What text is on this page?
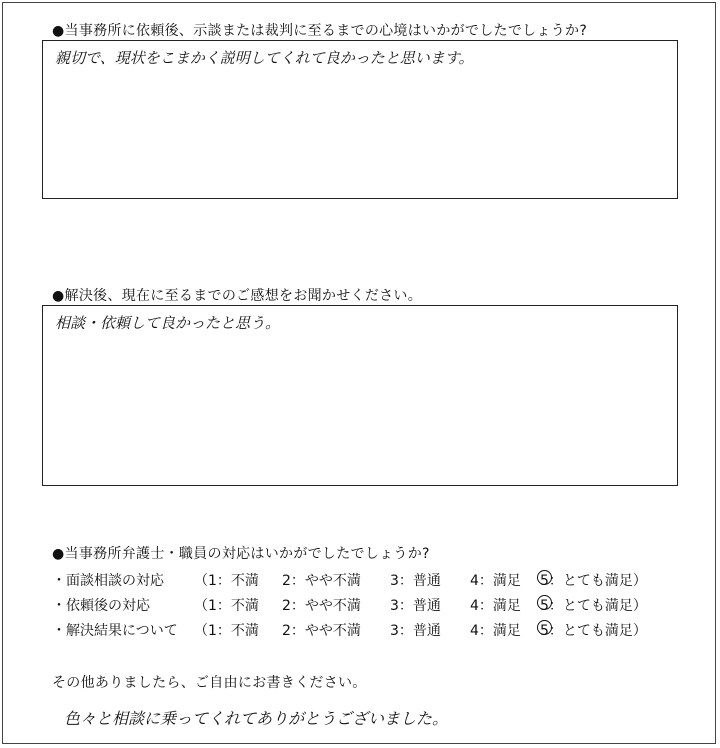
●当事務所に依頼後、示談または裁判に至るまでの心境はいかがでしたでしょうか?
親切で、現状をこまかく説明してくれて良かったと思います。
●解決後、現在に至るまでのご感想をお聞かせください。
相談・依頼して良かったと思う。
●当事務所弁護士・職員の対応はいかがでしたでしょうか?
・面談相談の対応 （1：不満 2：やや不満 3：普通 4：満足 5：とても満足）
・依頼後の対応	（1：不満 2：やや不満 3：普通 4：満足 5：とても満足）
・解決結果について （1：不満 2：やや不満 3：普通 4：満足 5：とても満足）
その他ありましたら、ご自由にお書きください。
色々と相談に乗ってくれてありがとうございました。
